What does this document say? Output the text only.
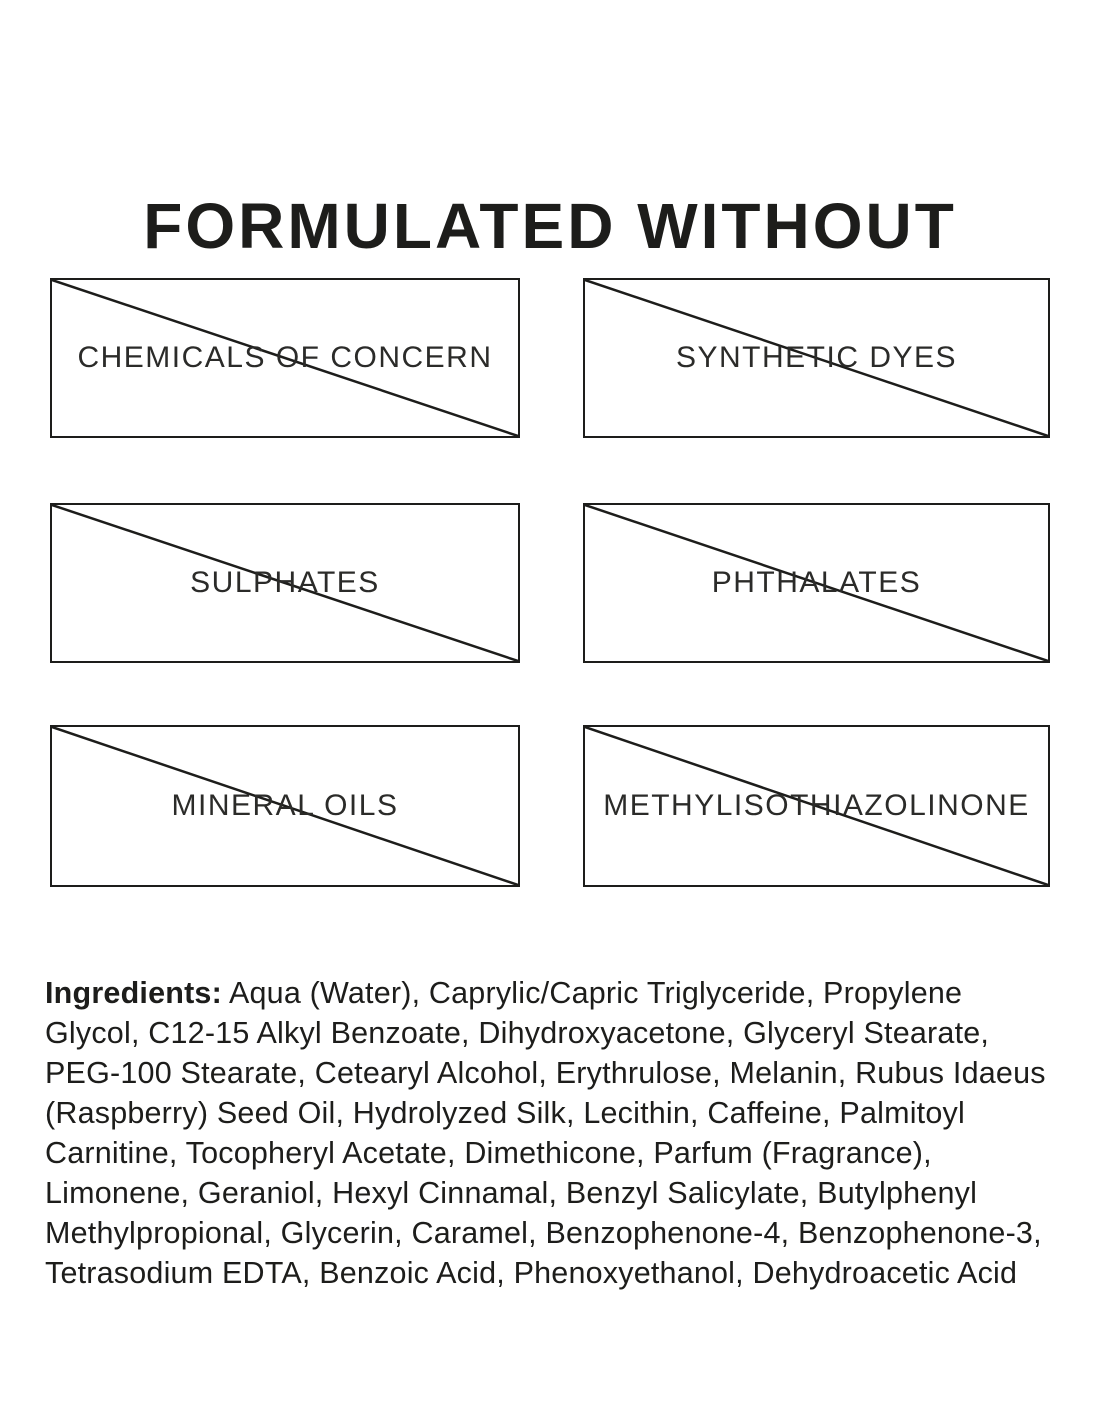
FORMULATED WITHOUT
CHEMICALS OF CONCERN	SYNTHETIC DYES
SULPHATES	PHTHALATES
MINERAL OILS	METHYLISOTHIAZOLINONE

Ingredients: Aqua (Water), Caprylic/Capric Triglyceride, Propylene Glycol, C12-15 Alkyl Benzoate, Dihydroxyacetone, Glyceryl Stearate, PEG-100 Stearate, Cetearyl Alcohol, Erythrulose, Melanin, Rubus Idaeus (Raspberry) Seed Oil, Hydrolyzed Silk, Lecithin, Caffeine, Palmitoyl Carnitine, Tocopheryl Acetate, Dimethicone, Parfum (Fragrance), Limonene, Geraniol, Hexyl Cinnamal, Benzyl Salicylate, Butylphenyl Methylpropional, Glycerin, Caramel, Benzophenone-4, Benzophenone-3, Tetrasodium EDTA, Benzoic Acid, Phenoxyethanol, Dehydroacetic Acid
